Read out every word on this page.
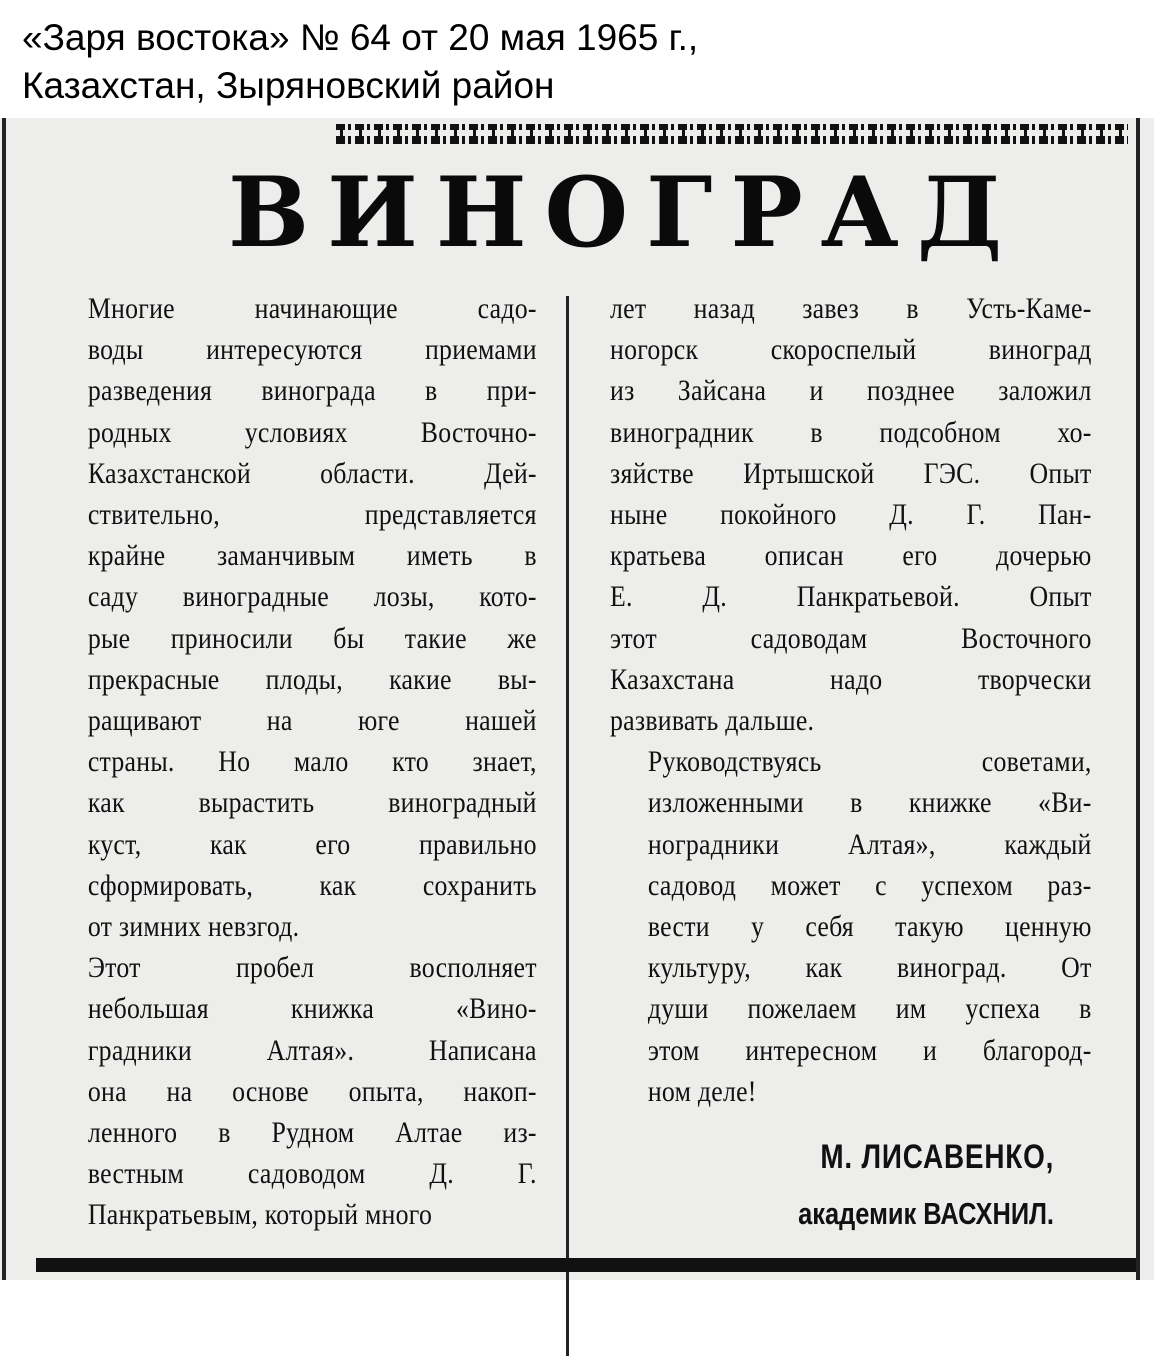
«Заря востока» № 64 от 20 мая 1965 г.,
Казахстан, Зыряновский район
ВИНОГРАД

Многие начинающие садо-
воды интересуются приемами
разведения винограда в при-
родных условиях Восточно-
Казахстанской области. Дей-
ствительно, представляется
крайне заманчивым иметь в
саду виноградные лозы, кото-
рые приносили бы такие же
прекрасные плоды, какие вы-
ращивают на юге нашей
страны. Но мало кто знает,
как вырастить виноградный
куст, как его правильно
сформировать, как сохранить
от зимних невзгод.

Этот пробел восполняет
небольшая книжка «Вино-
градники Алтая». Написана
она на основе опыта, накоп-
ленного в Рудном Алтае из-
вестным садоводом Д. Г.
Панкратьевым, который много

лет назад завез в Усть-Каме-
ногорск скороспелый виноград
из Зайсана и позднее заложил
виноградник в подсобном хо-
зяйстве Иртышской ГЭС. Опыт
ныне покойного Д. Г. Пан-
кратьева описан его дочерью
Е. Д. Панкратьевой. Опыт
этот садоводам Восточного
Казахстана надо творчески
развивать дальше.

Руководствуясь советами,
изложенными в книжке «Ви-
ноградники Алтая», каждый
садовод может с успехом раз-
вести у себя такую ценную
культуру, как виноград. От
души пожелаем им успеха в
этом интересном и благород-
ном деле!

М. ЛИСАВЕНКО,
академик ВАСХНИЛ.
